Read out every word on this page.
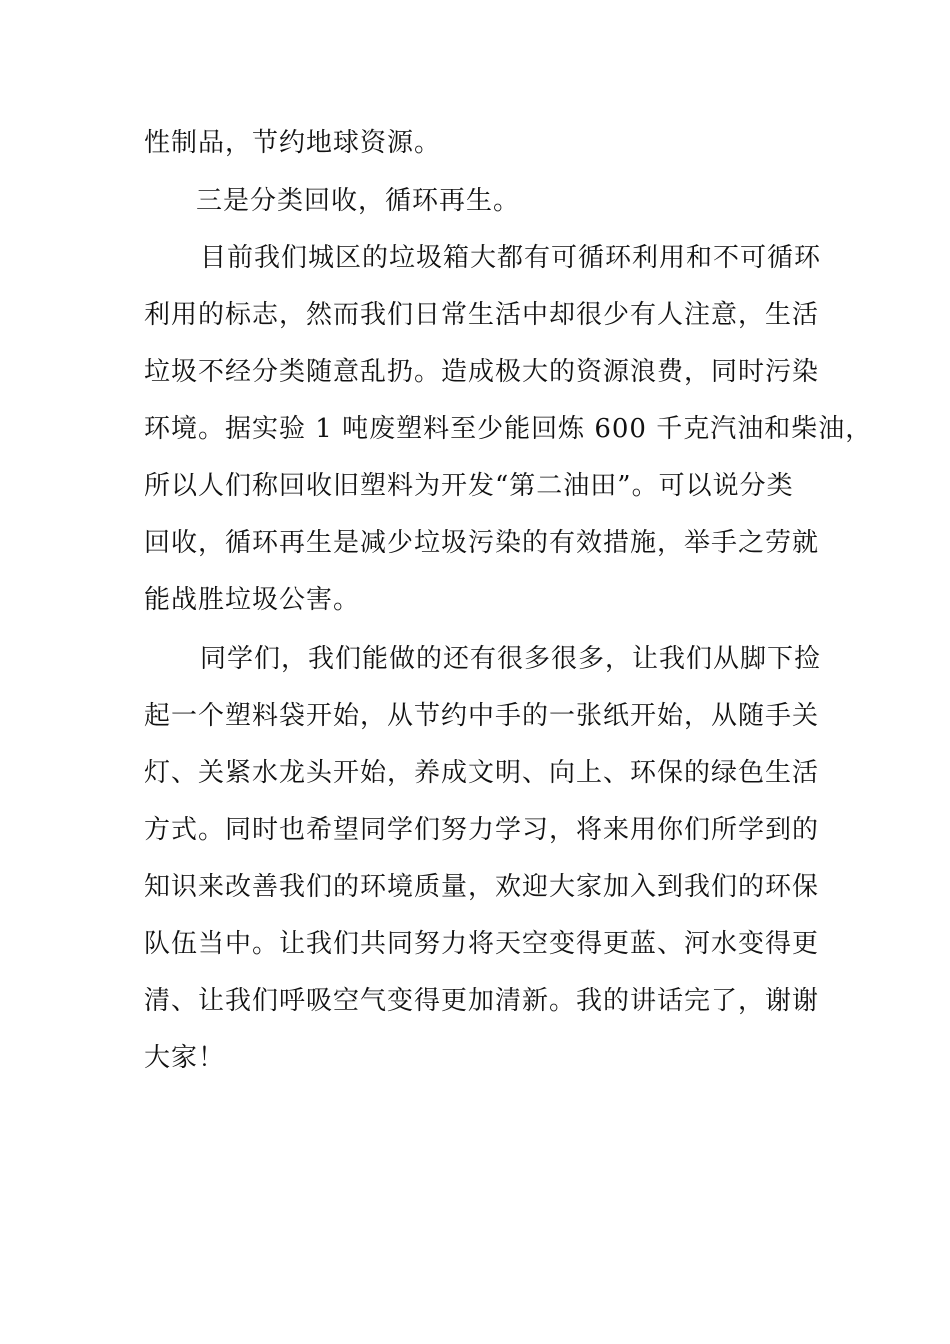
性制品，节约地球资源。
三是分类回收，循环再生。
目前我们城区的垃圾箱大都有可循环利用和不可循环
利用的标志，然而我们日常生活中却很少有人注意，生活
垃圾不经分类随意乱扔。造成极大的资源浪费，同时污染
环境。据实验 1 吨废塑料至少能回炼 600 千克汽油和柴油，
所以人们称回收旧塑料为开发“第二油田”。可以说分类
回收，循环再生是减少垃圾污染的有效措施，举手之劳就
能战胜垃圾公害。
同学们，我们能做的还有很多很多，让我们从脚下捡
起一个塑料袋开始，从节约中手的一张纸开始，从随手关
灯、关紧水龙头开始，养成文明、向上、环保的绿色生活
方式。同时也希望同学们努力学习，将来用你们所学到的
知识来改善我们的环境质量，欢迎大家加入到我们的环保
队伍当中。让我们共同努力将天空变得更蓝、河水变得更
清、让我们呼吸空气变得更加清新。我的讲话完了，谢谢
大家！
